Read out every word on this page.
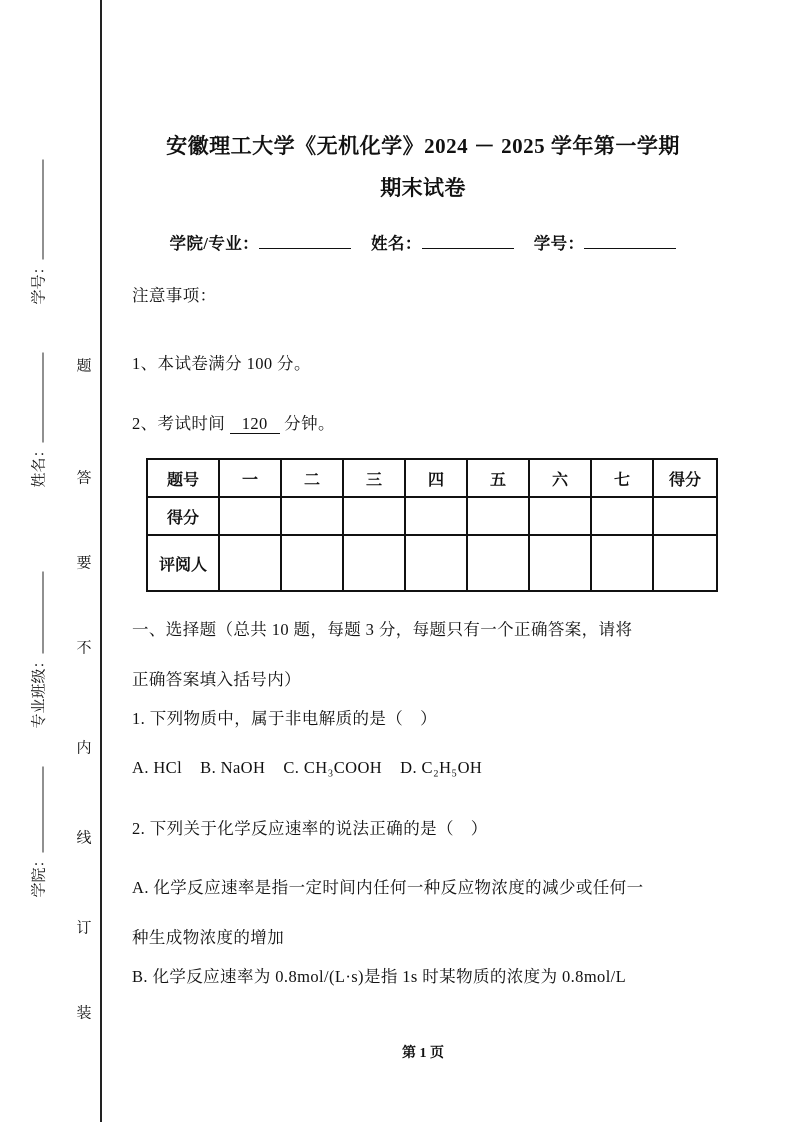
学号：
姓名：
专业班级：
学院：
题
答
要
不
内
线
订
装
安徽理工大学《无机化学》2024 － 2025 学年第一学期
期末试卷
学院/专业：	姓名：	学号：
注意事项：
1、本试卷满分 100 分。
2、考试时间 120 分钟。
题号	一	二	三	四	五	六	七	得分
得分								
评阅人								
一、选择题（总共 10 题，每题 3 分，每题只有一个正确答案，请将
正确答案填入括号内）
1. 下列物质中，属于非电解质的是（　）
A. HCl    B. NaOH    C. CH₃COOH    D. C₂H₅OH
2. 下列关于化学反应速率的说法正确的是（　）
A. 化学反应速率是指一定时间内任何一种反应物浓度的减少或任何一
种生成物浓度的增加
B. 化学反应速率为 0.8mol/(L·s)是指 1s 时某物质的浓度为 0.8mol/L
第 1 页
